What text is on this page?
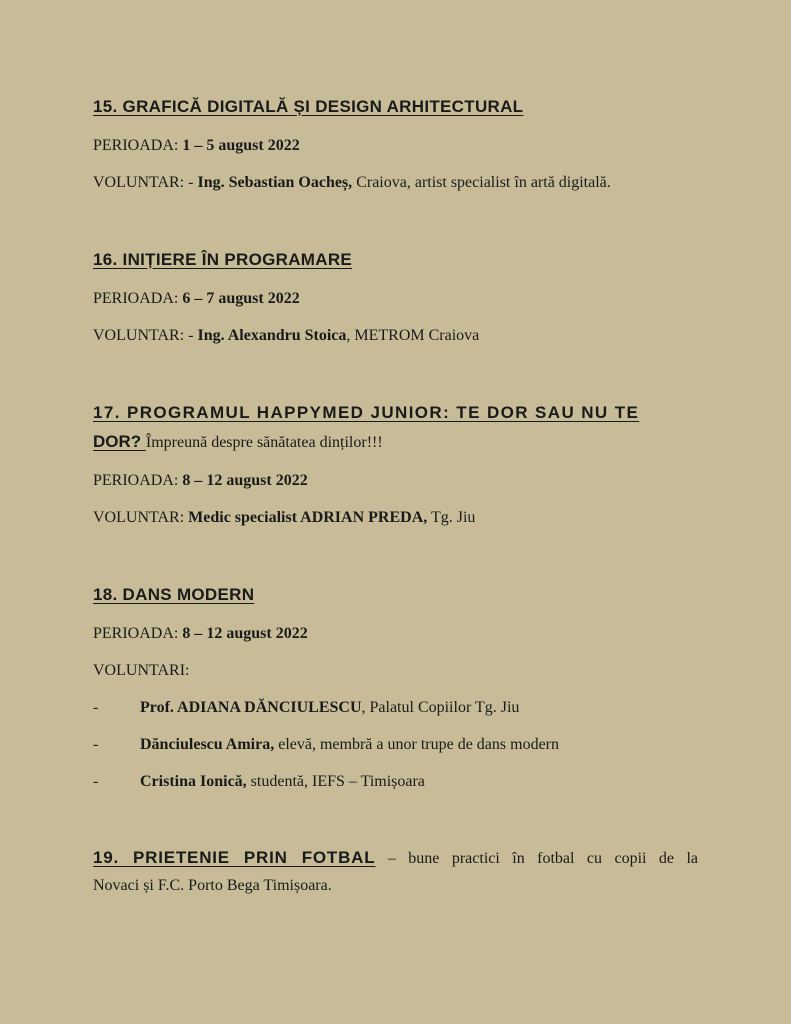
15. GRAFICĂ DIGITALĂ ȘI DESIGN ARHITECTURAL
PERIOADA: 1 – 5 august 2022
VOLUNTAR: - Ing. Sebastian Oacheș, Craiova, artist specialist în artă digitală.
16. INIȚIERE ÎN PROGRAMARE
PERIOADA: 6 – 7 august 2022
VOLUNTAR: - Ing. Alexandru Stoica, METROM Craiova
17. PROGRAMUL HAPPYMED JUNIOR: TE DOR SAU NU TE
DOR? Împreună despre sănătatea dinților!!!
PERIOADA: 8 – 12 august 2022
VOLUNTAR: Medic specialist ADRIAN PREDA, Tg. Jiu
18. DANS MODERN
PERIOADA: 8 – 12 august 2022
VOLUNTARI:
-	Prof. ADIANA DĂNCIULESCU, Palatul Copiilor Tg. Jiu
-	Dănciulescu Amira, elevă, membră a unor trupe de dans modern
-	Cristina Ionică, studentă, IEFS – Timișoara
19. PRIETENIE PRIN FOTBAL – bune practici în fotbal cu copii de la
Novaci și F.C. Porto Bega Timișoara.
